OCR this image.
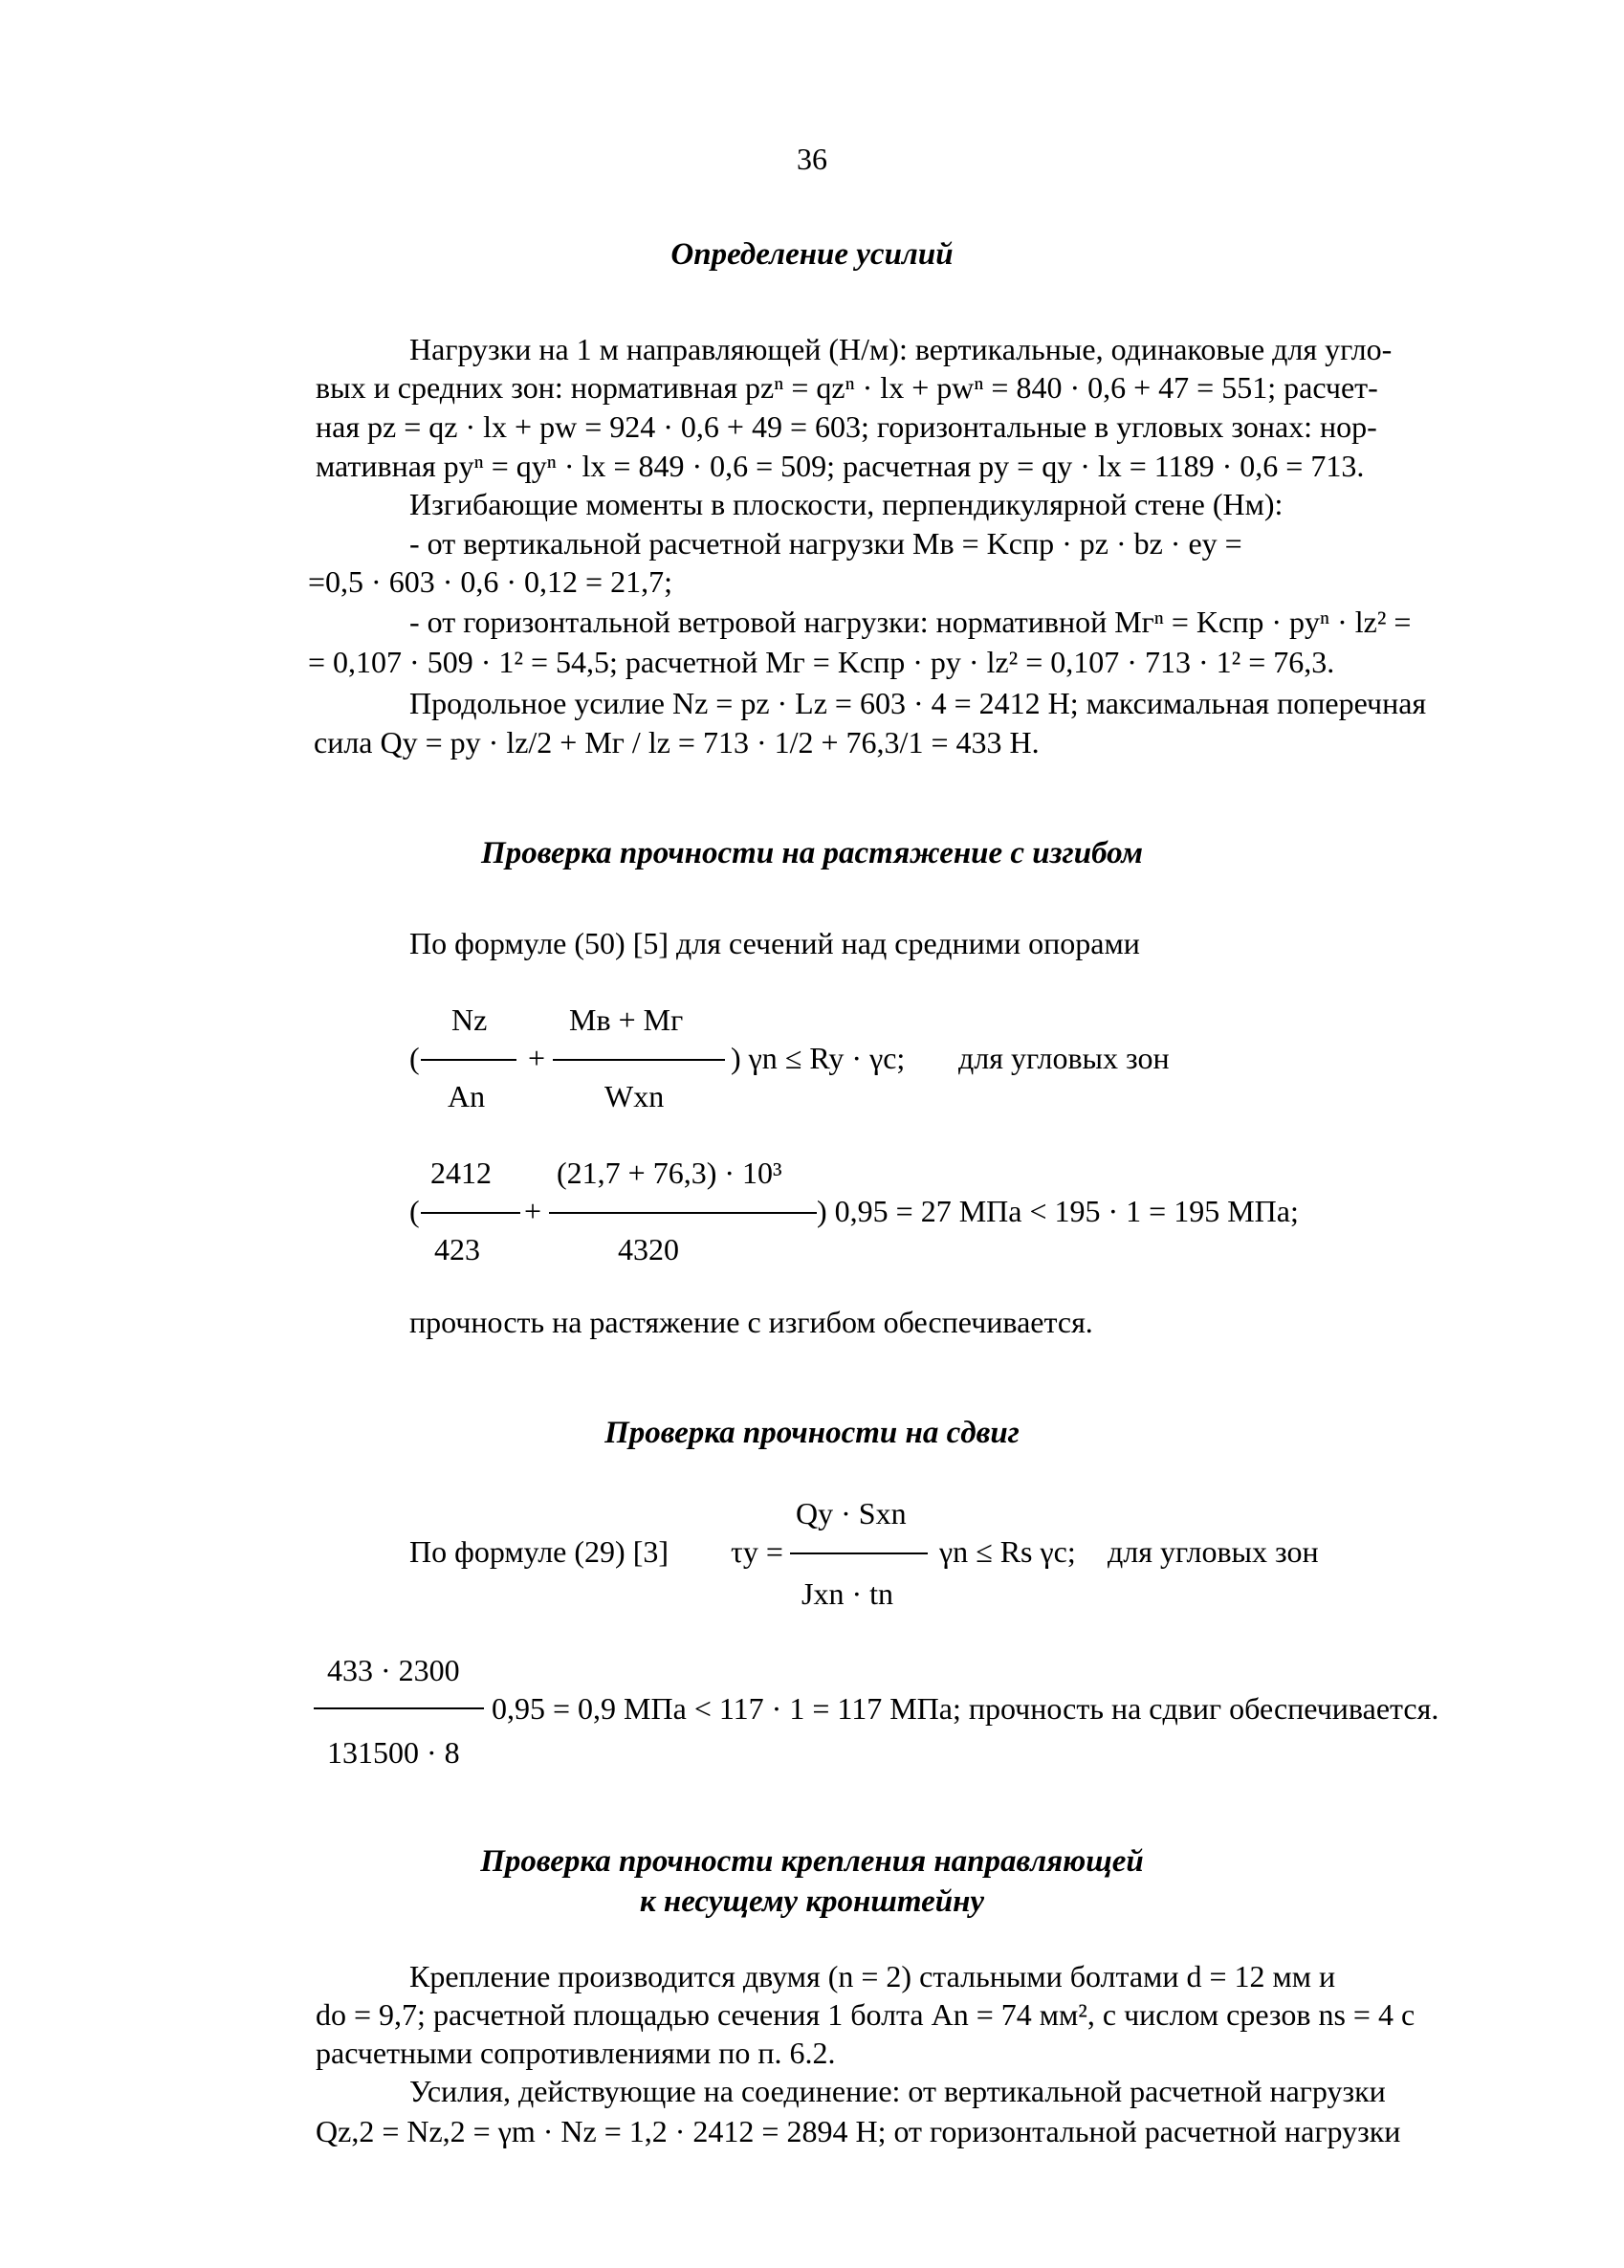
36
Определение усилий
Нагрузки на 1 м направляющей (Н/м): вертикальные, одинаковые для угло-
вых и средних зон: нормативная pzⁿ = qzⁿ · lx + pwⁿ = 840 · 0,6 + 47 = 551; расчет-
ная pz = qz · lx + pw = 924 · 0,6 + 49 = 603; горизонтальные в угловых зонах: нор-
мативная pyⁿ = qyⁿ · lx = 849 · 0,6 = 509; расчетная py = qy · lx = 1189 · 0,6 = 713.
Изгибающие моменты в плоскости, перпендикулярной стене (Нм):
- от вертикальной расчетной нагрузки Mв = Kспр · pz · bz · ey =
=0,5 · 603 · 0,6 · 0,12 = 21,7;
- от горизонтальной ветровой нагрузки: нормативной Mгⁿ = Kспр · pyⁿ · lz² =
= 0,107 · 509 · 1² = 54,5; расчетной Mг = Kспр · py · lz² = 0,107 · 713 · 1² = 76,3.
Продольное усилие Nz = pz · Lz = 603 · 4 = 2412 Н; максимальная поперечная
сила Qy = py · lz/2 + Mг / lz = 713 · 1/2 + 76,3/1 = 433 Н.
Проверка прочности на растяжение с изгибом
По формуле (50) [5] для сечений над средними опорами
Nz	Mв + Mг
(	+	) γn ≤ Ry · γc; для угловых зон
An	Wxn
2412 (21,7 + 76,3) · 10³
(	+	) 0,95 = 27 МПа < 195 · 1 = 195 МПа;
423	4320
прочность на растяжение с изгибом обеспечивается.
Проверка прочности на сдвиг
Qy · Sxn
По формуле (29) [3] τy =	γn ≤ Rs γc; для угловых зон
Jxn · tn
433 · 2300
0,95 = 0,9 МПа < 117 · 1 = 117 МПа; прочность на сдвиг обеспечивается.
131500 · 8
Проверка прочности крепления направляющей
к несущему кронштейну
Крепление производится двумя (n = 2) стальными болтами d = 12 мм и
do = 9,7; расчетной площадью сечения 1 болта An = 74 мм², с числом срезов ns = 4 с
расчетными сопротивлениями по п. 6.2.
Усилия, действующие на соединение: от вертикальной расчетной нагрузки
Qz,2 = Nz,2 = γm · Nz = 1,2 · 2412 = 2894 Н; от горизонтальной расчетной нагрузки
